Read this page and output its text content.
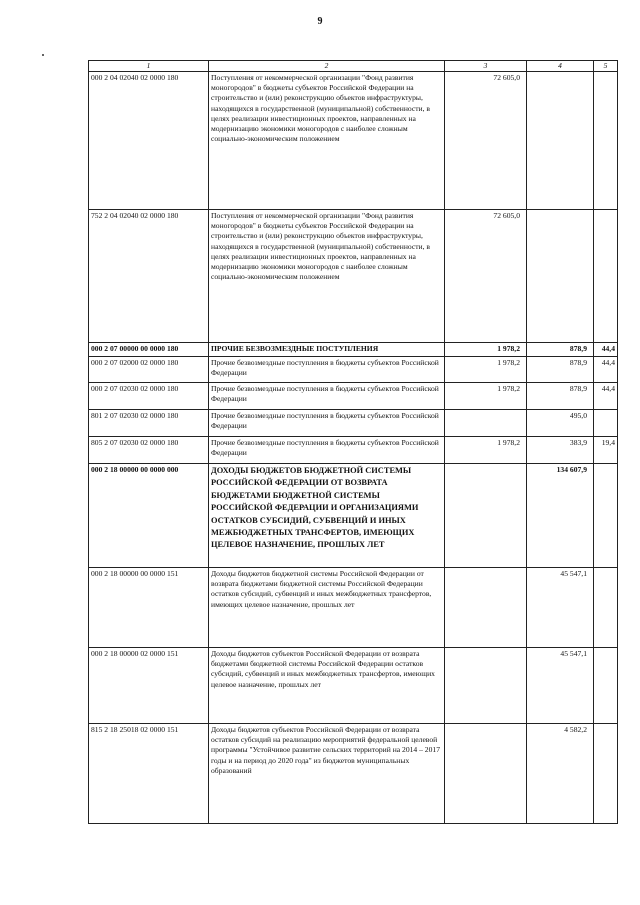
9
1	2	3	4	5
000 2 04 02040 02 0000 180	Поступления от некоммерческой организации "Фонд развития моногородов" в бюджеты субъектов Российской Федерации на строительство и (или) реконструкцию объектов инфраструктуры, находящихся в государственной (муниципальной) собственности, в целях реализации инвестиционных проектов, направленных на модернизацию экономики моногородов с наиболее сложным социально-экономическим положением	72 605,0		
752 2 04 02040 02 0000 180	Поступления от некоммерческой организации "Фонд развития моногородов" в бюджеты субъектов Российской Федерации на строительство и (или) реконструкцию объектов инфраструктуры, находящихся в государственной (муниципальной) собственности, в целях реализации инвестиционных проектов, направленных на модернизацию экономики моногородов с наиболее сложным социально-экономическим положением	72 605,0		
000 2 07 00000 00 0000 180	ПРОЧИЕ БЕЗВОЗМЕЗДНЫЕ ПОСТУПЛЕНИЯ	1 978,2	878,9	44,4
000 2 07 02000 02 0000 180	Прочие безвозмездные поступления в бюджеты субъектов Российской Федерации	1 978,2	878,9	44,4
000 2 07 02030 02 0000 180	Прочие безвозмездные поступления в бюджеты субъектов Российской Федерации	1 978,2	878,9	44,4
801 2 07 02030 02 0000 180	Прочие безвозмездные поступления в бюджеты субъектов Российской Федерации		495,0	
805 2 07 02030 02 0000 180	Прочие безвозмездные поступления в бюджеты субъектов Российской Федерации	1 978,2	383,9	19,4
000 2 18 00000 00 0000 000	ДОХОДЫ БЮДЖЕТОВ БЮДЖЕТНОЙ СИСТЕМЫ РОССИЙСКОЙ ФЕДЕРАЦИИ ОТ ВОЗВРАТА БЮДЖЕТАМИ БЮДЖЕТНОЙ СИСТЕМЫ РОССИЙСКОЙ ФЕДЕРАЦИИ И ОРГАНИЗАЦИЯМИ ОСТАТКОВ СУБСИДИЙ, СУБВЕНЦИЙ И ИНЫХ МЕЖБЮДЖЕТНЫХ ТРАНСФЕРТОВ, ИМЕЮЩИХ ЦЕЛЕВОЕ НАЗНАЧЕНИЕ, ПРОШЛЫХ ЛЕТ		134 607,9	
000 2 18 00000 00 0000 151	Доходы бюджетов бюджетной системы Российской Федерации от возврата бюджетами бюджетной системы Российской Федерации остатков субсидий, субвенций и иных межбюджетных трансфертов, имеющих целевое назначение, прошлых лет		45 547,1	
000 2 18 00000 02 0000 151	Доходы бюджетов субъектов Российской Федерации от возврата бюджетами бюджетной системы Российской Федерации остатков субсидий, субвенций и иных межбюджетных трансфертов, имеющих целевое назначение, прошлых лет		45 547,1	
815 2 18 25018 02 0000 151	Доходы бюджетов субъектов Российской Федерации от возврата остатков субсидий на реализацию мероприятий федеральной целевой программы "Устойчивое развитие сельских территорий на 2014 – 2017 годы и на период до 2020 года" из бюджетов муниципальных образований		4 582,2	
